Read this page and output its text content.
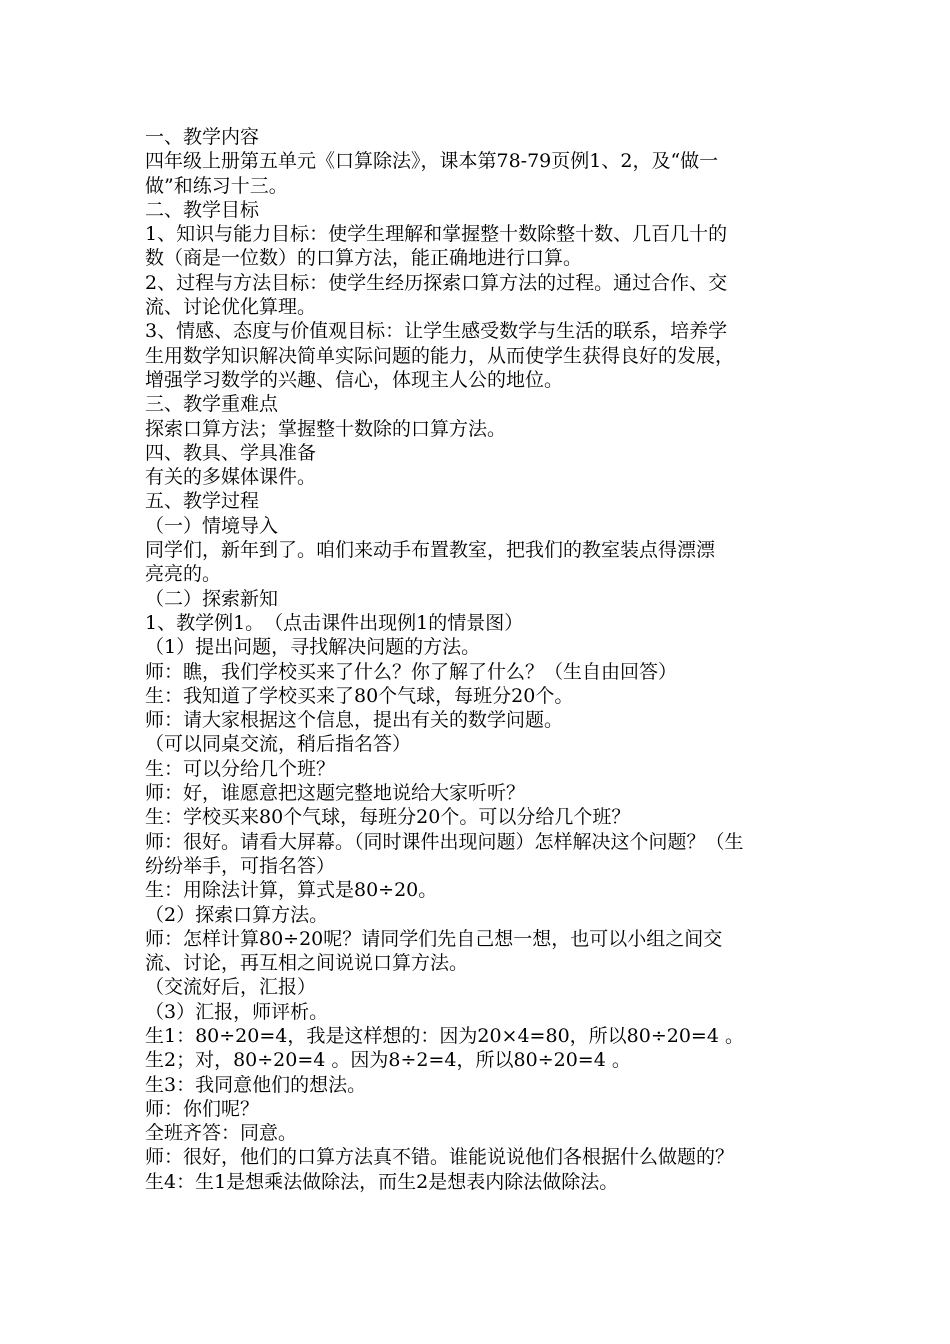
一、教学内容
四年级上册第五单元《口算除法》，课本第78-79页例1、2，及“做一
做”和练习十三。
二、教学目标
1、知识与能力目标：使学生理解和掌握整十数除整十数、几百几十的
数（商是一位数）的口算方法，能正确地进行口算。
2、过程与方法目标：使学生经历探索口算方法的过程。通过合作、交
流、讨论优化算理。
3、情感、态度与价值观目标：让学生感受数学与生活的联系，培养学
生用数学知识解决简单实际问题的能力，从而使学生获得良好的发展，
增强学习数学的兴趣、信心，体现主人公的地位。
三、教学重难点
探索口算方法；掌握整十数除的口算方法。
四、教具、学具准备
有关的多媒体课件。
五、教学过程
（一）情境导入
同学们，新年到了。咱们来动手布置教室，把我们的教室装点得漂漂
亮亮的。
（二）探索新知
1、教学例1。　（点击课件出现例1的情景图）
（1）提出问题，寻找解决问题的方法。
师：瞧，我们学校买来了什么？你了解了什么？（生自由回答）
生：我知道了学校买来了80个气球，每班分20个。
师：请大家根据这个信息，提出有关的数学问题。
（可以同桌交流，稍后指名答）
生：可以分给几个班？
师：好，谁愿意把这题完整地说给大家听听？
生：学校买来80个气球，每班分20个。可以分给几个班？
师：很好。请看大屏幕。（同时课件出现问题）怎样解决这个问题？（生
纷纷举手，可指名答）
生：用除法计算，算式是80÷20。
（2）探索口算方法。
师：怎样计算80÷20呢？请同学们先自己想一想，也可以小组之间交
流、讨论，再互相之间说说口算方法。
（交流好后，汇报）
（3）汇报，师评析。
生1：80÷20=4，我是这样想的：因为20×4=80，所以80÷20=4 。
生2；对，80÷20=4 。因为8÷2=4，所以80÷20=4 。
生3：我同意他们的想法。
师：你们呢？
全班齐答：同意。
师：很好，他们的口算方法真不错。谁能说说他们各根据什么做题的？
生4：生1是想乘法做除法，而生2是想表内除法做除法。
